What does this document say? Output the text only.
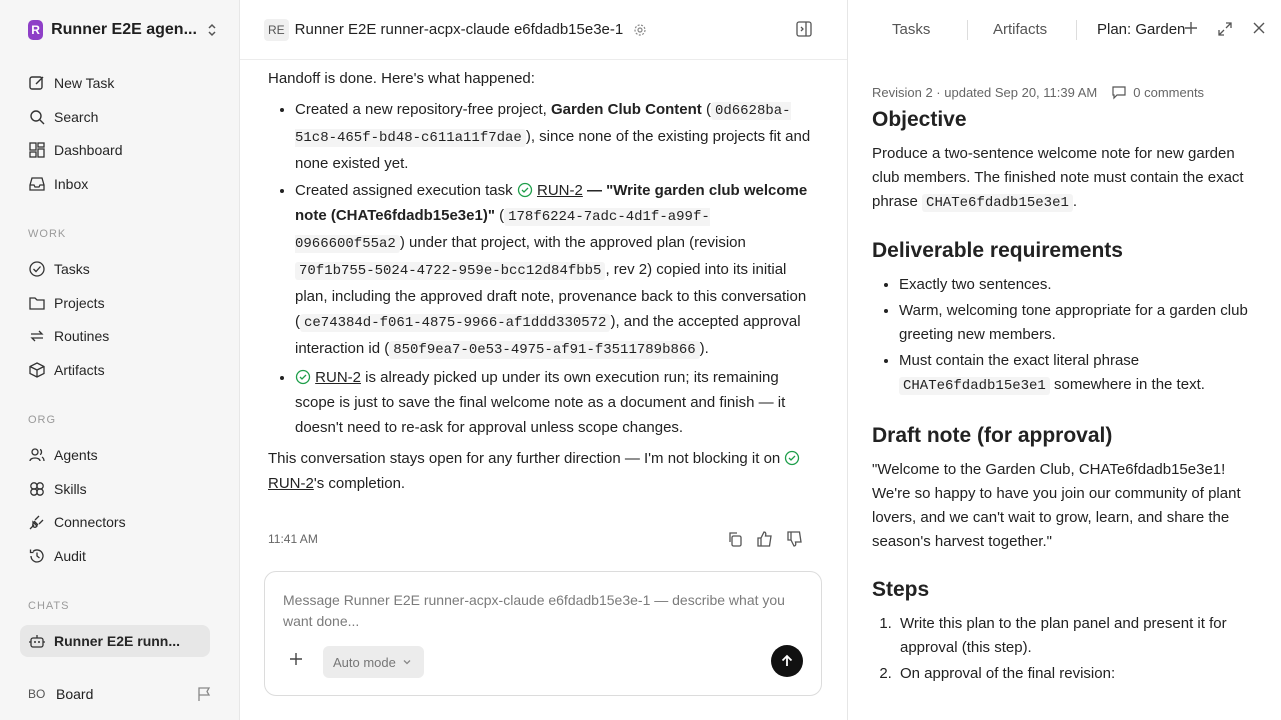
R Runner E2E agen...
New Task
Search
Dashboard
Inbox
WORK
Tasks
Projects
Routines
Artifacts
ORG
Agents
Skills
Connectors
Audit
CHATS
Runner E2E runn...
BO Board
RE Runner E2E runner-acpx-claude e6fdadb15e3e-1

Handoff is done. Here's what happened:

• Created a new repository-free project, Garden Club Content ( 0d6628ba-51c8-465f-bd48-c611a11f7dae ), since none of the existing projects fit and none existed yet.
• Created assigned execution task  RUN-2 — "Write garden club welcome note (CHATe6fdadb15e3e1)" ( 178f6224-7adc-4d1f-a99f-0966600f55a2 ) under that project, with the approved plan (revision 70f1b755-5024-4722-959e-bcc12d84fbb5 , rev 2) copied into its initial plan, including the approved draft note, provenance back to this conversation ( ce74384d-f061-4875-9966-af1ddd330572 ), and the accepted approval interaction id ( 850f9ea7-0e53-4975-af91-f3511789b866 ).
• RUN-2 is already picked up under its own execution run; its remaining scope is just to save the final welcome note as a document and finish — it doesn't need to re-ask for approval unless scope changes.

This conversation stays open for any further direction — I'm not blocking it on  RUN-2's completion.

11:41 AM
Message Runner E2E runner-acpx-claude e6fdadb15e3e-1 — describe what you want done...
Auto mode
Tasks	Artifacts	Plan: Garden
Revision 2 · updated Sep 20, 11:39 AM	0 comments
Objective

Produce a two-sentence welcome note for new garden club members. The finished note must contain the exact phrase CHATe6fdadb15e3e1 .

Deliverable requirements
• Exactly two sentences.
• Warm, welcoming tone appropriate for a garden club greeting new members.
• Must contain the exact literal phrase CHATe6fdadb15e3e1 somewhere in the text.
Draft note (for approval)

"Welcome to the Garden Club, CHATe6fdadb15e3e1! We're so happy to have you join our community of plant lovers, and we can't wait to grow, learn, and share the season's harvest together."

Steps
1. Write this plan to the plan panel and present it for approval (this step).
2. On approval of the final revision:
